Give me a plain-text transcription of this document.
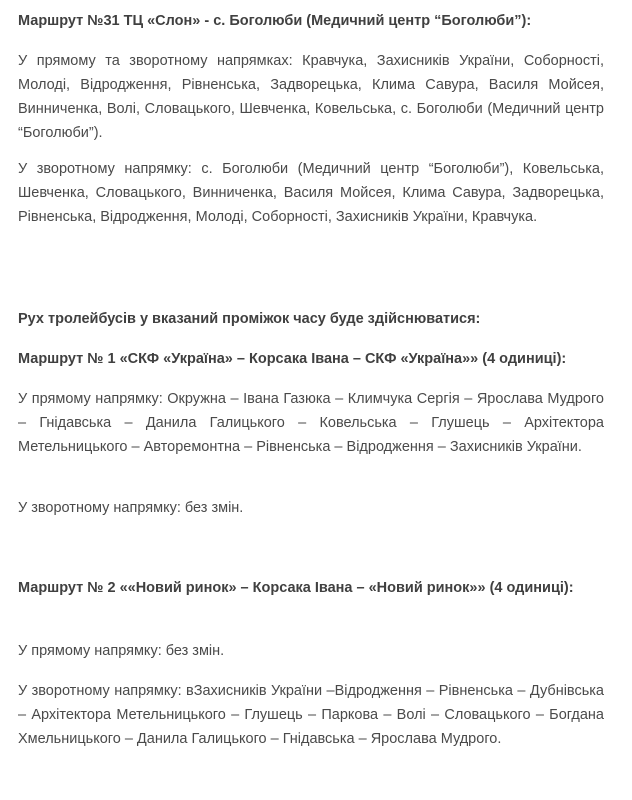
Маршрут №31 ТЦ «Слон» - с. Боголюби (Медичний центр “Боголюби”):

У прямому та зворотному напрямках: Кравчука, Захисників України, Соборності, Молоді, Відродження, Рівненська, Задворецька, Клима Савура, Василя Мойсея, Винниченка, Волі, Словацького, Шевченка, Ковельська, с. Боголюби (Медичний центр “Боголюби”).

У зворотному напрямку: с. Боголюби (Медичний центр “Боголюби”), Ковельська, Шевченка, Словацького, Винниченка, Василя Мойсея, Клима Савура, Задворецька, Рівненська, Відродження, Молоді, Соборності, Захисників України, Кравчука.

Рух тролейбусів у вказаний проміжок часу буде здійснюватися:

Маршрут № 1 «СКФ «Україна» – Корсака Івана – СКФ «Україна»» (4 одиниці):

У прямому напрямку: Окружна – Івана Газюка – Климчука Сергія – Ярослава Мудрого – Гнідавська – Данила Галицького – Ковельська – Глушець – Архітектора Метельницького – Авторемонтна – Рівненська – Відродження – Захисників України.

У зворотному напрямку: без змін.

Маршрут № 2 ««Новий ринок» – Корсака Івана – «Новий ринок»» (4 одиниці):

У прямому напрямку: без змін.

У зворотному напрямку: вЗахисників України –Відродження – Рівненська – Дубнівська – Архітектора Метельницького – Глушець – Паркова – Волі – Словацького – Богдана Хмельницького – Данила Галицького – Гнідавська – Ярослава Мудрого.
